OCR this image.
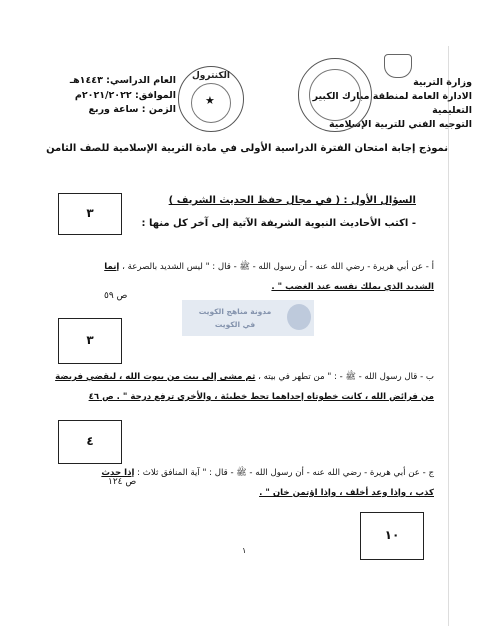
وزارة التربية
الادارة العامة لمنطقة مبارك الكبير التعليمية
التوجيه الفني للتربية الإسلامية
الكنترول
★
العام الدراسي: ١٤٤٣هـ
الموافق: ٢٠٢١/٢٠٢٢م
الزمن : ساعة وربع
نموذج إجابة امتحان الفترة الدراسية الأولى في مادة التربية الإسلامية للصف الثامن
٣
السؤال الأول : ( في مجال حفظ الحديث الشريف )
- اكتب الأحاديث النبوية الشريفة الآتية إلى آخر كل منها :
أ - عن أبي هريرة - رضي الله عنه - أن رسول الله - ﷺ - قال : " ليس الشديد بالصرعة ، إنما
الشديد الذي يملك نفسه عند الغضب " .
ص ٥٩
مدونة مناهج الكويت
في الكويت
٣
ب - قال رسول الله - ﷺ - : " من تطهر في بيته ، ثم مشى إلى بيت من بيوت الله ، ليقضي فريضة
من فرائض الله ، كانت خطوتاه إحداهما تحط خطيئة ، والأخرى ترفع درجة " . ص ٤٦
٤
ج - عن أبي هريرة - رضي الله عنه - أن رسول الله - ﷺ - قال : " آية المنافق ثلاث : إذا حدث
كذب ، وإذا وعد أخلف ، وإذا اؤتمن خان " .
ص ١٢٤
١٠
١
